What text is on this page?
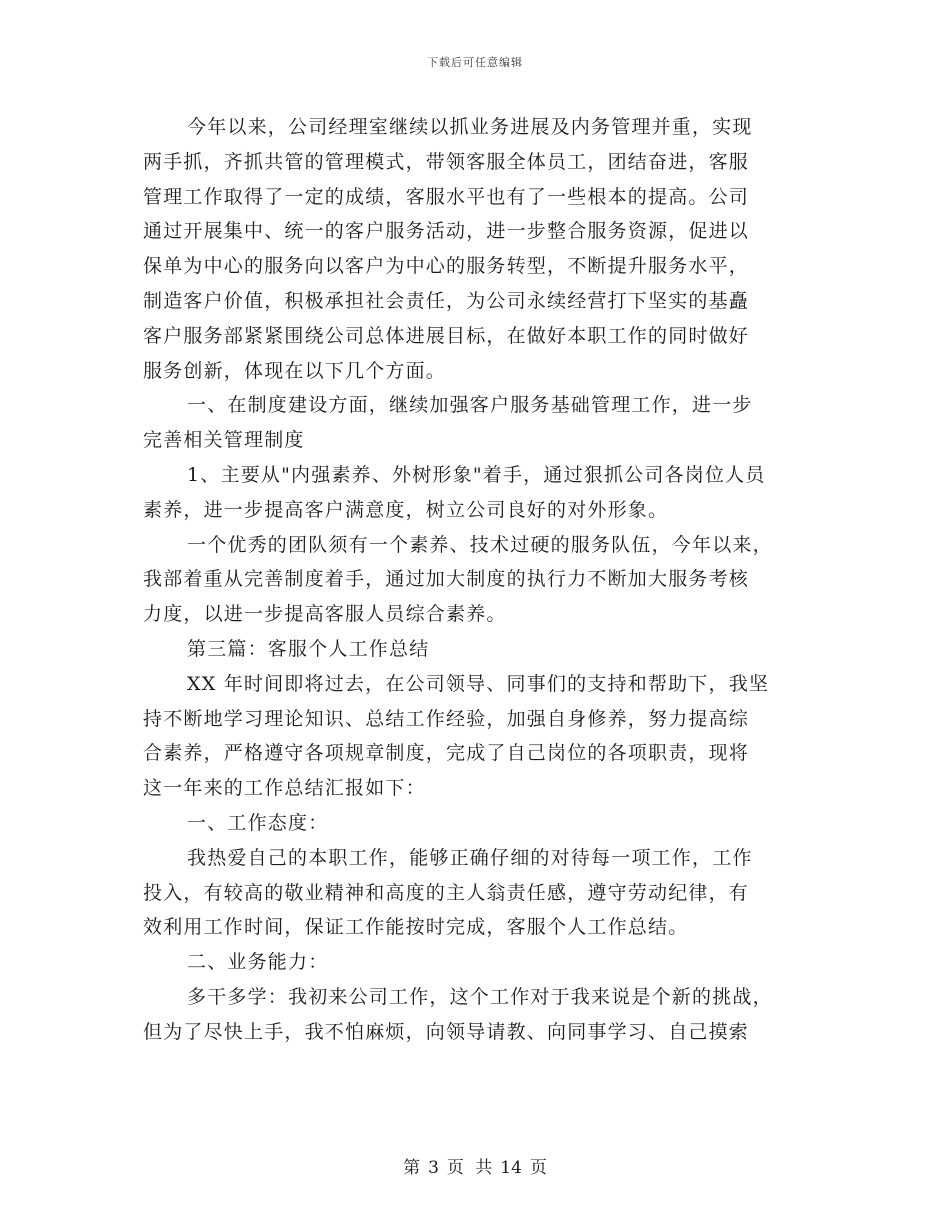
下载后可任意编辑
今年以来，公司经理室继续以抓业务进展及内务管理并重，实现
两手抓，齐抓共管的管理模式，带领客服全体员工，团结奋进，客服
管理工作取得了一定的成绩，客服水平也有了一些根本的提高。公司
通过开展集中、统一的客户服务活动，进一步整合服务资源，促进以
保单为中心的服务向以客户为中心的服务转型，不断提升服务水平，
制造客户价值，积极承担社会责任，为公司永续经营打下坚实的基矗
客户服务部紧紧围绕公司总体进展目标，在做好本职工作的同时做好
服务创新，体现在以下几个方面。
一、在制度建设方面，继续加强客户服务基础管理工作，进一步
完善相关管理制度
1、主要从"内强素养、外树形象"着手，通过狠抓公司各岗位人员
素养，进一步提高客户满意度，树立公司良好的对外形象。
一个优秀的团队须有一个素养、技术过硬的服务队伍，今年以来，
我部着重从完善制度着手，通过加大制度的执行力不断加大服务考核
力度，以进一步提高客服人员综合素养。
第三篇：客服个人工作总结
XX 年时间即将过去，在公司领导、同事们的支持和帮助下，我坚
持不断地学习理论知识、总结工作经验，加强自身修养，努力提高综
合素养，严格遵守各项规章制度，完成了自己岗位的各项职责，现将
这一年来的工作总结汇报如下：
一、工作态度：
我热爱自己的本职工作，能够正确仔细的对待每一项工作，工作
投入，有较高的敬业精神和高度的主人翁责任感，遵守劳动纪律，有
效利用工作时间，保证工作能按时完成，客服个人工作总结。
二、业务能力：
多干多学：我初来公司工作，这个工作对于我来说是个新的挑战，
但为了尽快上手，我不怕麻烦，向领导请教、向同事学习、自己摸索
第 3 页 共 14 页
